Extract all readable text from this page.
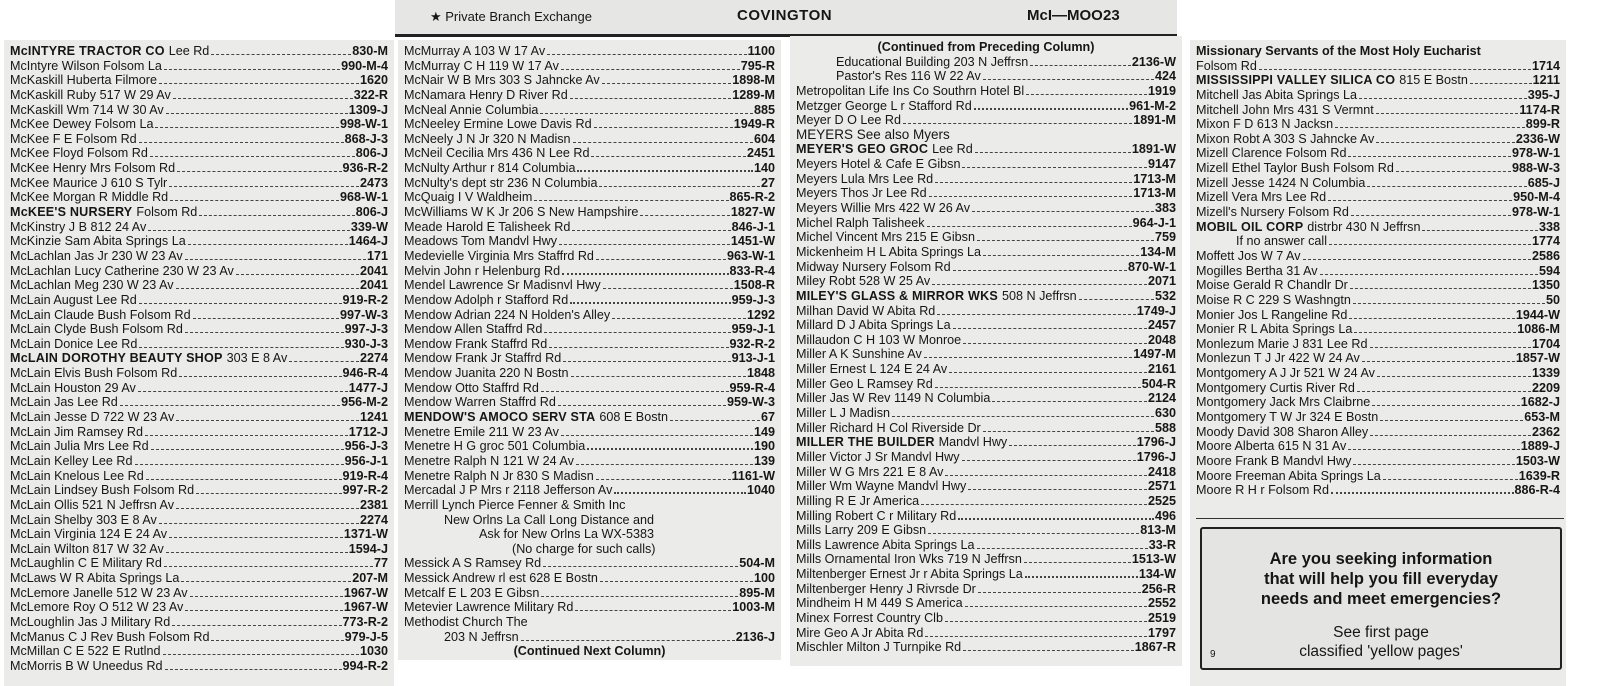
★ Private Branch Exchange	COVINGTON	McI—MOO 23
McINTYRE TRACTOR CO Lee Rd	830-M
McIntyre Wilson Folsom La	990-M-4
McKaskill Huberta Filmore	1620
McKaskill Ruby 517 W 29 Av	322-R
McKaskill Wm 714 W 30 Av	1309-J
McKee Dewey Folsom La	998-W-1
McKee F E Folsom Rd	868-J-3
McKee Floyd Folsom Rd	806-J
McKee Henry Mrs Folsom Rd	936-R-2
McKee Maurice J 610 S Tylr	2473
McKee Morgan R Middle Rd	968-W-1
McKEE'S NURSERY Folsom Rd	806-J
McKinstry J B 812 24 Av	339-W
McKinzie Sam Abita Springs La	1464-J
McLachlan Jas Jr 230 W 23 Av	171
McLachlan Lucy Catherine 230 W 23 Av	2041
McLachlan Meg 230 W 23 Av	2041
McLain August Lee Rd	919-R-2
McLain Claude Bush Folsom Rd	997-W-3
McLain Clyde Bush Folsom Rd	997-J-3
McLain Donice Lee Rd	930-J-3
McLAIN DOROTHY BEAUTY SHOP 303 E 8 Av	2274
McLain Elvis Bush Folsom Rd	946-R-4
McLain Houston 29 Av	1477-J
McLain Jas Lee Rd	956-M-2
McLain Jesse D 722 W 23 Av	1241
McLain Jim Ramsey Rd	1712-J
McLain Julia Mrs Lee Rd	956-J-3
McLain Kelley Lee Rd	956-J-1
McLain Knelous Lee Rd	919-R-4
McLain Lindsey Bush Folsom Rd	997-R-2
McLain Ollis 521 N Jeffrsn Av	2381
McLain Shelby 303 E 8 Av	2274
McLain Virginia 124 E 24 Av	1371-W
McLain Wilton 817 W 32 Av	1594-J
McLaughlin C E Military Rd	77
McLaws W R Abita Springs La	207-M
McLemore Janelle 512 W 23 Av	1967-W
McLemore Roy O 512 W 23 Av	1967-W
McLoughlin Jas J Military Rd	773-R-2
McManus C J Rev Bush Folsom Rd	979-J-5
McMillan C E 522 E Rutlnd	1030
McMorris B W Uneedus Rd	994-R-2
McMurray A 103 W 17 Av	1100
McMurray C H 119 W 17 Av	795-R
McNair W B Mrs 303 S Jahncke Av	1898-M
McNamara Henry D River Rd	1289-M
McNeal Annie Columbia	885
McNeeley Ermine Lowe Davis Rd	1949-R
McNeely J N Jr 320 N Madisn	604
McNeil Cecilia Mrs 436 N Lee Rd	2451
McNulty Arthur r 814 Columbia	140
McNulty's dept str 236 N Columbia	27
McQuaig I V Waldheim	865-R-2
McWilliams W K Jr 206 S New Hampshire	1827-W
Meade Harold E Talisheek Rd	846-J-1
Meadows Tom Mandvl Hwy	1451-W
Medevielle Virginia Mrs Staffrd Rd	963-W-1
Melvin John r Helenburg Rd	833-R-4
Mendel Lawrence Sr Madisnvl Hwy	1508-R
Mendow Adolph r Stafford Rd	959-J-3
Mendow Adrian 224 N Holden's Alley	1292
Mendow Allen Staffrd Rd	959-J-1
Mendow Frank Staffrd Rd	932-R-2
Mendow Frank Jr Staffrd Rd	913-J-1
Mendow Juanita 220 N Bostn	1848
Mendow Otto Staffrd Rd	959-R-4
Mendow Warren Staffrd Rd	959-W-3
MENDOW'S AMOCO SERV STA 608 E Bostn	67
Menetre Emile 211 W 23 Av	149
Menetre H G groc 501 Columbia	190
Menetre Ralph N 121 W 24 Av	139
Menetre Ralph N Jr 830 S Madisn	1161-W
Mercadal J P Mrs r 2118 Jefferson Av	1040
Merrill Lynch Pierce Fenner & Smith Inc
New Orlns La Call Long Distance and
Ask for New Orlns La WX-5383
(No charge for such calls)
Messick A S Ramsey Rd	504-M
Messick Andrew rl est 628 E Bostn	100
Metcalf E L 203 E Gibsn	895-M
Metevier Lawrence Military Rd	1003-M
Methodist Church The
203 N Jeffrsn	2136-J
(Continued Next Column)
(Continued from Preceding Column)
Educational Building 203 N Jeffrsn	2136-W
Pastor's Res 116 W 22 Av	424
Metropolitan Life Ins Co Southrn Hotel Bl	1919
Metzger George L r Stafford Rd	961-M-2
Meyer D O Lee Rd	1891-M
MEYERS See also Myers
MEYER'S GEO GROC Lee Rd	1891-W
Meyers Hotel & Cafe E Gibsn	9147
Meyers Lula Mrs Lee Rd	1713-M
Meyers Thos Jr Lee Rd	1713-M
Meyers Willie Mrs 422 W 26 Av	383
Michel Ralph Talisheek	964-J-1
Michel Vincent Mrs 215 E Gibsn	759
Mickenheim H L Abita Springs La	134-M
Midway Nursery Folsom Rd	870-W-1
Miley Robt 528 W 25 Av	2071
MILEY'S GLASS & MIRROR WKS 508 N Jeffrsn	532
Milhan David W Abita Rd	1749-J
Millard D J Abita Springs La	2457
Millaudon C H 103 W Monroe	2048
Miller A K Sunshine Av	1497-M
Miller Ernest L 124 E 24 Av	2161
Miller Geo L Ramsey Rd	504-R
Miller Jas W Rev 1149 N Columbia	2124
Miller L J Madisn	630
Miller Richard H Col Riverside Dr	588
MILLER THE BUILDER Mandvl Hwy	1796-J
Miller Victor J Sr Mandvl Hwy	1796-J
Miller W G Mrs 221 E 8 Av	2418
Miller Wm Wayne Mandvl Hwy	2571
Milling R E Jr America	2525
Milling Robert C r Military Rd	496
Mills Larry 209 E Gibsn	813-M
Mills Lawrence Abita Springs La	33-R
Mills Ornamental Iron Wks 719 N Jeffrsn	1513-W
Miltenberger Ernest Jr r Abita Springs La	134-W
Miltenberger Henry J Rivrsde Dr	256-R
Mindheim H M 449 S America	2552
Minex Forrest Country Clb	2519
Mire Geo A Jr Abita Rd	1797
Mischler Milton J Turnpike Rd	1867-R
Missionary Servants of the Most Holy Eucharist
Folsom Rd	1714
MISSISSIPPI VALLEY SILICA CO 815 E Bostn	1211
Mitchell Jas Abita Springs La	395-J
Mitchell John Mrs 431 S Vermnt	1174-R
Mixon F D 613 N Jacksn	899-R
Mixon Robt A 303 S Jahncke Av	2336-W
Mizell Clarence Folsom Rd	978-W-1
Mizell Ethel Taylor Bush Folsom Rd	988-W-3
Mizell Jesse 1424 N Columbia	685-J
Mizell Vera Mrs Lee Rd	950-M-4
Mizell's Nursery Folsom Rd	978-W-1
MOBIL OIL CORP distrbr 430 N Jeffrsn	338
If no answer call	1774
Moffett Jos W 7 Av	2586
Mogilles Bertha 31 Av	594
Moise Gerald R Chandlr Dr	1350
Moise R C 229 S Washngtn	50
Monier Jos L Rangeline Rd	1944-W
Monier R L Abita Springs La	1086-M
Monlezum Marie J 831 Lee Rd	1704
Monlezun T J Jr 422 W 24 Av	1857-W
Montgomery A J Jr 521 W 24 Av	1339
Montgomery Curtis River Rd	2209
Montgomery Jack Mrs Claibrne	1682-J
Montgomery T W Jr 324 E Bostn	653-M
Moody David 308 Sharon Alley	2362
Moore Alberta 615 N 31 Av	1889-J
Moore Frank B Mandvl Hwy	1503-W
Moore Freeman Abita Springs La	1639-R
Moore R H r Folsom Rd	886-R-4
Are you seeking information
that will help you fill everyday
needs and meet emergencies?
See first page
classified 'yellow pages'
9
